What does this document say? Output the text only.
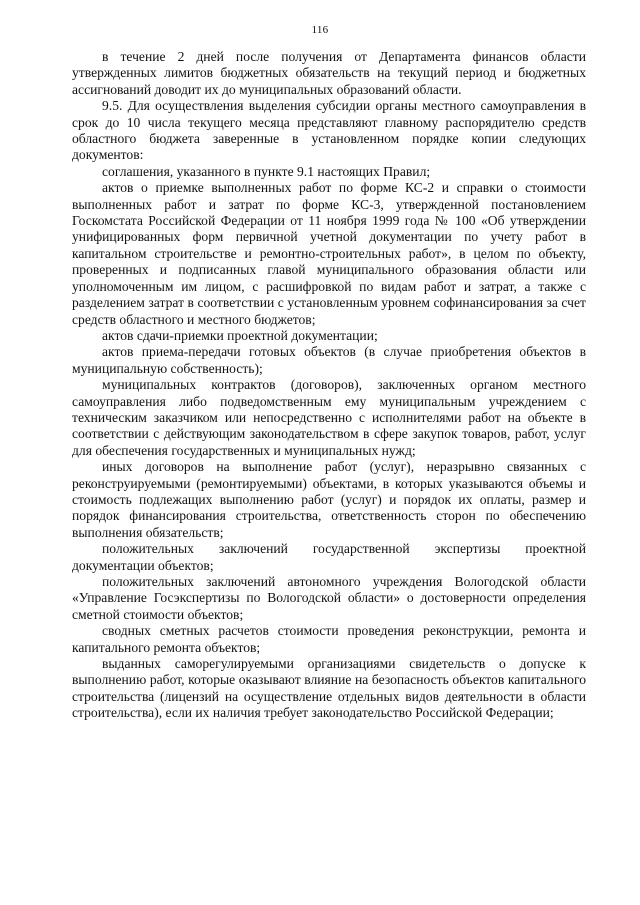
116

в течение 2 дней после получения от Департамента финансов области утвержденных лимитов бюджетных обязательств на текущий период и бюджетных ассигнований доводит их до муниципальных образований области.

9.5. Для осуществления выделения субсидии органы местного самоуправления в срок до 10 числа текущего месяца представляют главному распорядителю средств областного бюджета заверенные в установленном порядке копии следующих документов:

соглашения, указанного в пункте 9.1 настоящих Правил;

актов о приемке выполненных работ по форме КС-2 и справки о стоимости выполненных работ и затрат по форме КС-3, утвержденной постановлением Госкомстата Российской Федерации от 11 ноября 1999 года № 100 «Об утверждении унифицированных форм первичной учетной документации по учету работ в капитальном строительстве и ремонтно-строительных работ», в целом по объекту, проверенных и подписанных главой муниципального образования области или уполномоченным им лицом, с расшифровкой по видам работ и затрат, а также с разделением затрат в соответствии с установленным уровнем софинансирования за счет средств областного и местного бюджетов;

актов сдачи-приемки проектной документации;

актов приема-передачи готовых объектов (в случае приобретения объектов в муниципальную собственность);

муниципальных контрактов (договоров), заключенных органом местного самоуправления либо подведомственным ему муниципальным учреждением с техническим заказчиком или непосредственно с исполнителями работ на объекте в соответствии с действующим законодательством в сфере закупок товаров, работ, услуг для обеспечения государственных и муниципальных нужд;

иных договоров на выполнение работ (услуг), неразрывно связанных с реконструируемыми (ремонтируемыми) объектами, в которых указываются объемы и стоимость подлежащих выполнению работ (услуг) и порядок их оплаты, размер и порядок финансирования строительства, ответственность сторон по обеспечению выполнения обязательств;

положительных заключений государственной экспертизы проектной документации объектов;

положительных заключений автономного учреждения Вологодской области «Управление Госэкспертизы по Вологодской области» о достоверности определения сметной стоимости объектов;

сводных сметных расчетов стоимости проведения реконструкции, ремонта и капитального ремонта объектов;

выданных саморегулируемыми организациями свидетельств о допуске к выполнению работ, которые оказывают влияние на безопасность объектов капитального строительства (лицензий на осуществление отдельных видов деятельности в области строительства), если их наличия требует законодательство Российской Федерации;
